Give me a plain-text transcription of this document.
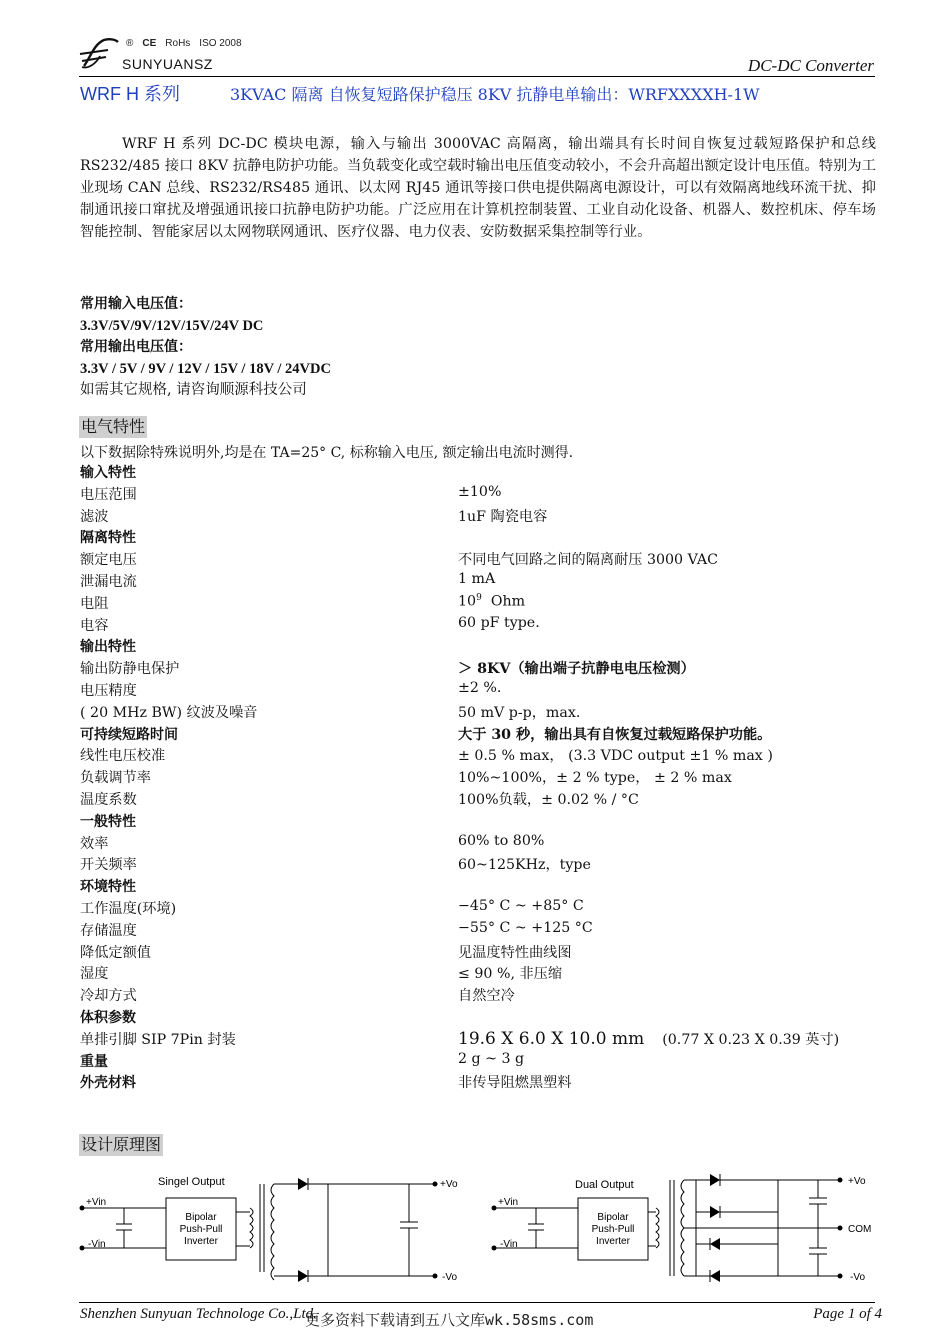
® CE RoHs ISO 2008
SUNYUANSZ	DC-DC Converter
WRF H 系列	3KVAC 隔离 自恢复短路保护稳压 8KV 抗静电单输出：WRFXXXXH-1W
WRF H 系列 DC-DC 模块电源，输入与输出 3000VAC 高隔离，输出端具有长时间自恢复过载短路保护和总线 RS232/485 接口 8KV 抗静电防护功能。当负载变化或空载时输出电压值变动较小，不会升高超出额定设计电压值。特别为工业现场 CAN 总线、RS232/RS485 通讯、以太网 RJ45 通讯等接口供电提供隔离电源设计，可以有效隔离地线环流干扰、抑制通讯接口窜扰及增强通讯接口抗静电防护功能。广泛应用在计算机控制装置、工业自动化设备、机器人、数控机床、停车场智能控制、智能家居以太网物联网通讯、医疗仪器、电力仪表、安防数据采集控制等行业。
常用输入电压值：
3.3V/5V/9V/12V/15V/24V DC
常用输出电压值：
3.3V / 5V / 9V / 12V / 15V / 18V / 24VDC
如需其它规格, 请咨询顺源科技公司
电气特性
以下数据除特殊说明外,均是在 TA=25° C, 标称输入电压, 额定输出电流时测得.
输入特性
电压范围	±10%
滤波	1uF 陶瓷电容
隔离特性
额定电压	不同电气回路之间的隔离耐压 3000 VAC
泄漏电流	1 mA
电阻	$10^9$  Ohm
电容	60 pF type.
输出特性
输出防静电保护	＞ 8KV（输出端子抗静电电压检测）
电压精度	±2 %.
( 20 MHz BW) 纹波及噪音	50 mV p-p，max.
可持续短路时间	大于 30 秒，输出具有自恢复过载短路保护功能。
线性电压校准	± 0.5 % max， (3.3 VDC output ±1 % max )
负载调节率	10%~100%，± 2 % type， ± 2 % max
温度系数	100%负载，± 0.02 % / °C
一般特性
效率	60% to 80%
开关频率	60~125KHz，type
环境特性
工作温度(环境)	−45° C ~ +85° C
存储温度	−55° C ~ +125 °C
降低定额值	见温度特性曲线图
湿度	≤ 90 %, 非压缩
冷却方式	自然空冷
体积参数
单排引脚 SIP 7Pin 封装	19.6 X 6.0 X 10.0 mm    (0.77 X 0.23 X 0.39 英寸)
重量	2 g ~ 3 g
外壳材料	非传导阻燃黑塑料
设计原理图
Singel Output
+Vin
-Vin
Bipolar
Push-Pull
Inverter
+Vo
-Vo
Dual Output
+Vin
-Vin
Bipolar
Push-Pull
Inverter
+Vo
COM
-Vo
Shenzhen Sunyuan Technologe Co.,Ltd.
更多资料下载请到五八文库wk.58sms.com	Page 1 of 4
